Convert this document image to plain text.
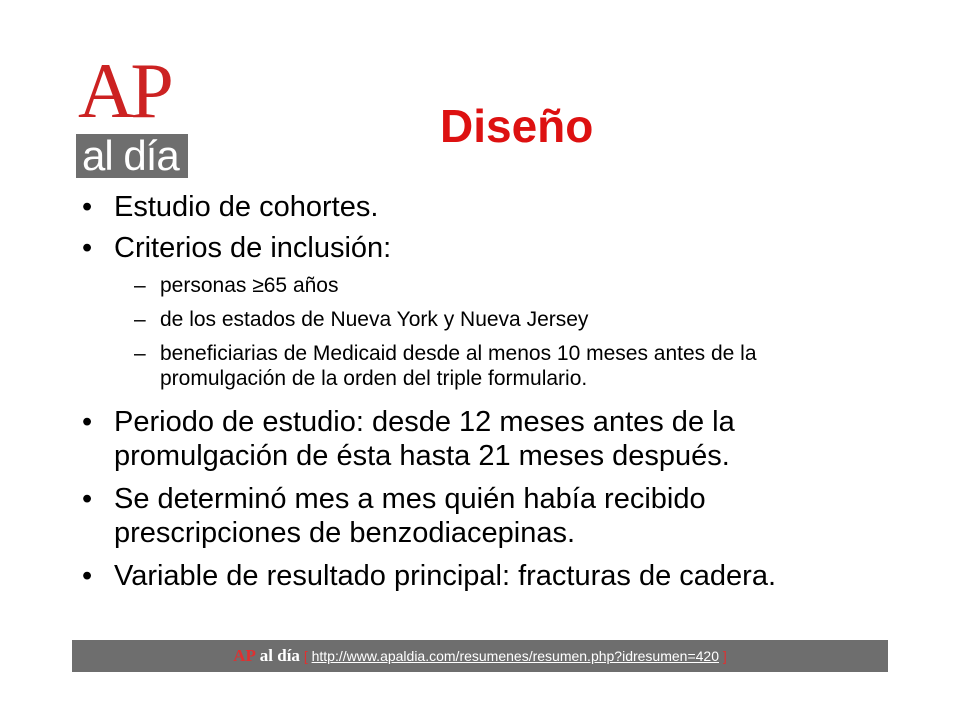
AP
al día
Diseño
• Estudio de cohortes.
• Criterios de inclusión:
– personas ≥65 años
– de los estados de Nueva York y Nueva Jersey
– beneficiarias de Medicaid desde al menos 10 meses antes de la promulgación de la orden del triple formulario.
• Periodo de estudio: desde 12 meses antes de la promulgación de ésta hasta 21 meses después.
• Se determinó mes a mes quién había recibido prescripciones de benzodiacepinas.
• Variable de resultado principal: fracturas de cadera.
AP al día [ http://www.apaldia.com/resumenes/resumen.php?idresumen=420 ]
